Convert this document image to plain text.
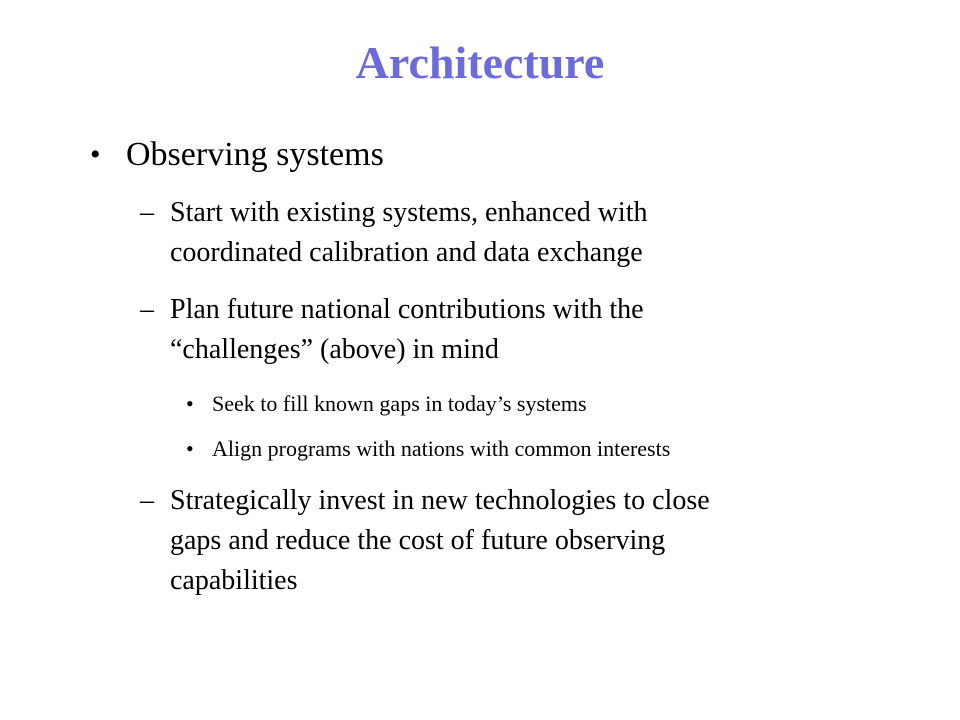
Architecture
• Observing systems
– Start with existing systems, enhanced with
coordinated calibration and data exchange
– Plan future national contributions with the
“challenges” (above) in mind
• Seek to fill known gaps in today’s systems
• Align programs with nations with common interests
– Strategically invest in new technologies to close
gaps and reduce the cost of future observing
capabilities
